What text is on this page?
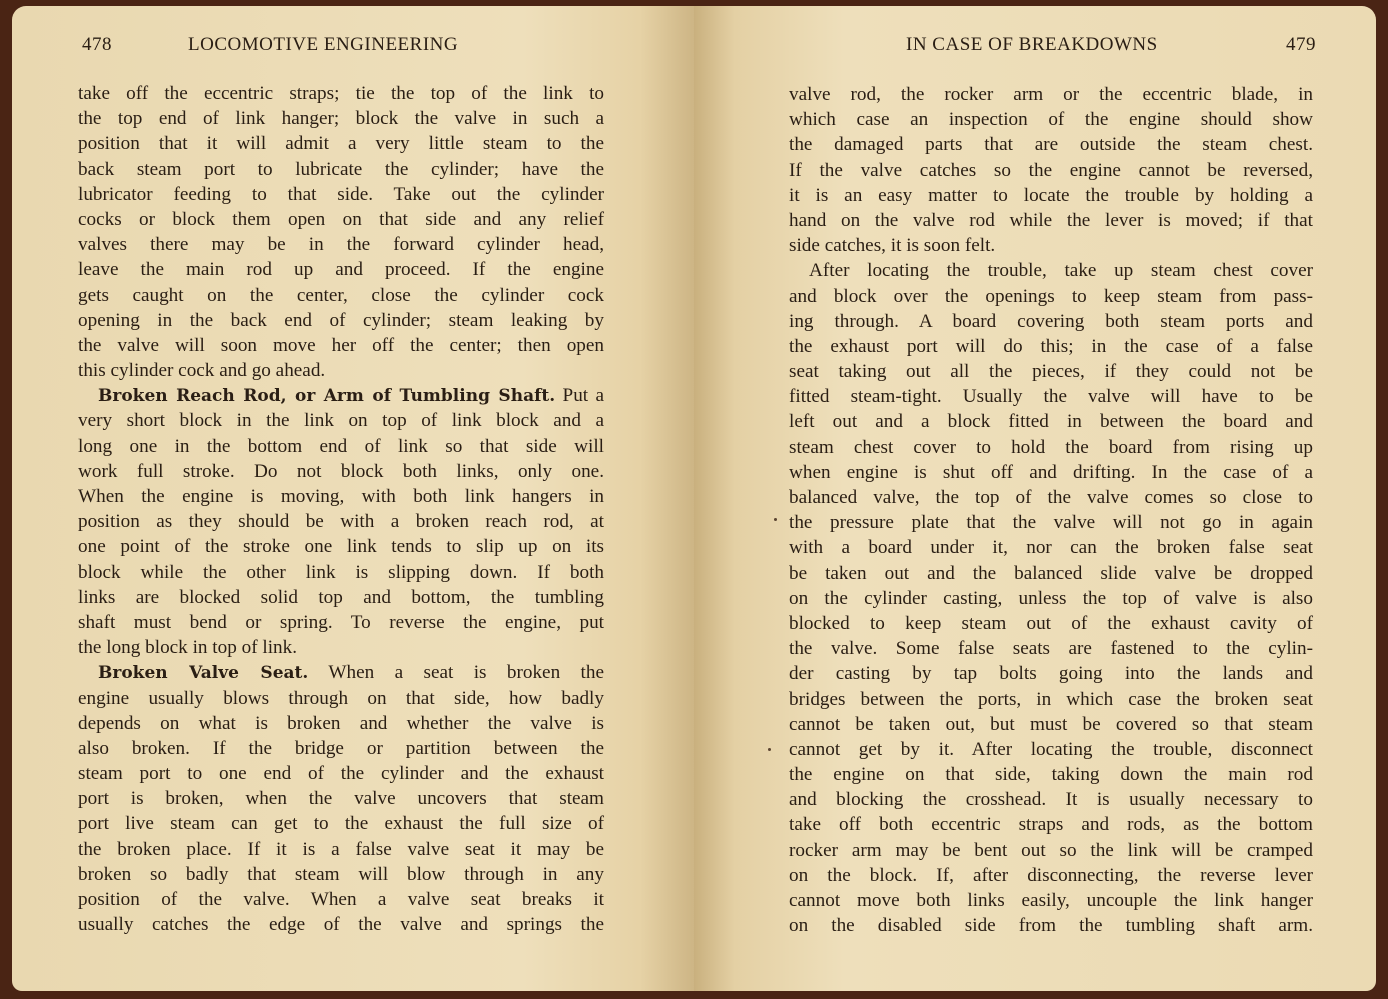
478	LOCOMOTIVE ENGINEERING
take off the eccentric straps; tie the top of the link to
the top end of link hanger; block the valve in such a
position that it will admit a very little steam to the
back steam port to lubricate the cylinder; have the
lubricator feeding to that side. Take out the cylinder
cocks or block them open on that side and any relief
valves there may be in the forward cylinder head,
leave the main rod up and proceed. If the engine
gets caught on the center, close the cylinder cock
opening in the back end of cylinder; steam leaking by
the valve will soon move her off the center; then open
this cylinder cock and go ahead.
Broken Reach Rod, or Arm of Tumbling Shaft. Put a
very short block in the link on top of link block and a
long one in the bottom end of link so that side will
work full stroke. Do not block both links, only one.
When the engine is moving, with both link hangers in
position as they should be with a broken reach rod, at
one point of the stroke one link tends to slip up on its
block while the other link is slipping down. If both
links are blocked solid top and bottom, the tumbling
shaft must bend or spring. To reverse the engine, put
the long block in top of link.
Broken Valve Seat. When a seat is broken the
engine usually blows through on that side, how badly
depends on what is broken and whether the valve is
also broken. If the bridge or partition between the
steam port to one end of the cylinder and the exhaust
port is broken, when the valve uncovers that steam
port live steam can get to the exhaust the full size of
the broken place. If it is a false valve seat it may be
broken so badly that steam will blow through in any
position of the valve. When a valve seat breaks it
usually catches the edge of the valve and springs the
IN CASE OF BREAKDOWNS	479
valve rod, the rocker arm or the eccentric blade, in
which case an inspection of the engine should show
the damaged parts that are outside the steam chest.
If the valve catches so the engine cannot be reversed,
it is an easy matter to locate the trouble by holding a
hand on the valve rod while the lever is moved; if that
side catches, it is soon felt.
After locating the trouble, take up steam chest cover
and block over the openings to keep steam from pass-
ing through. A board covering both steam ports and
the exhaust port will do this; in the case of a false
seat taking out all the pieces, if they could not be
fitted steam-tight. Usually the valve will have to be
left out and a block fitted in between the board and
steam chest cover to hold the board from rising up
when engine is shut off and drifting. In the case of a
balanced valve, the top of the valve comes so close to
the pressure plate that the valve will not go in again
with a board under it, nor can the broken false seat
be taken out and the balanced slide valve be dropped
on the cylinder casting, unless the top of valve is also
blocked to keep steam out of the exhaust cavity of
the valve. Some false seats are fastened to the cylin-
der casting by tap bolts going into the lands and
bridges between the ports, in which case the broken seat
cannot be taken out, but must be covered so that steam
cannot get by it. After locating the trouble, disconnect
the engine on that side, taking down the main rod
and blocking the crosshead. It is usually necessary to
take off both eccentric straps and rods, as the bottom
rocker arm may be bent out so the link will be cramped
on the block. If, after disconnecting, the reverse lever
cannot move both links easily, uncouple the link hanger
on the disabled side from the tumbling shaft arm.
